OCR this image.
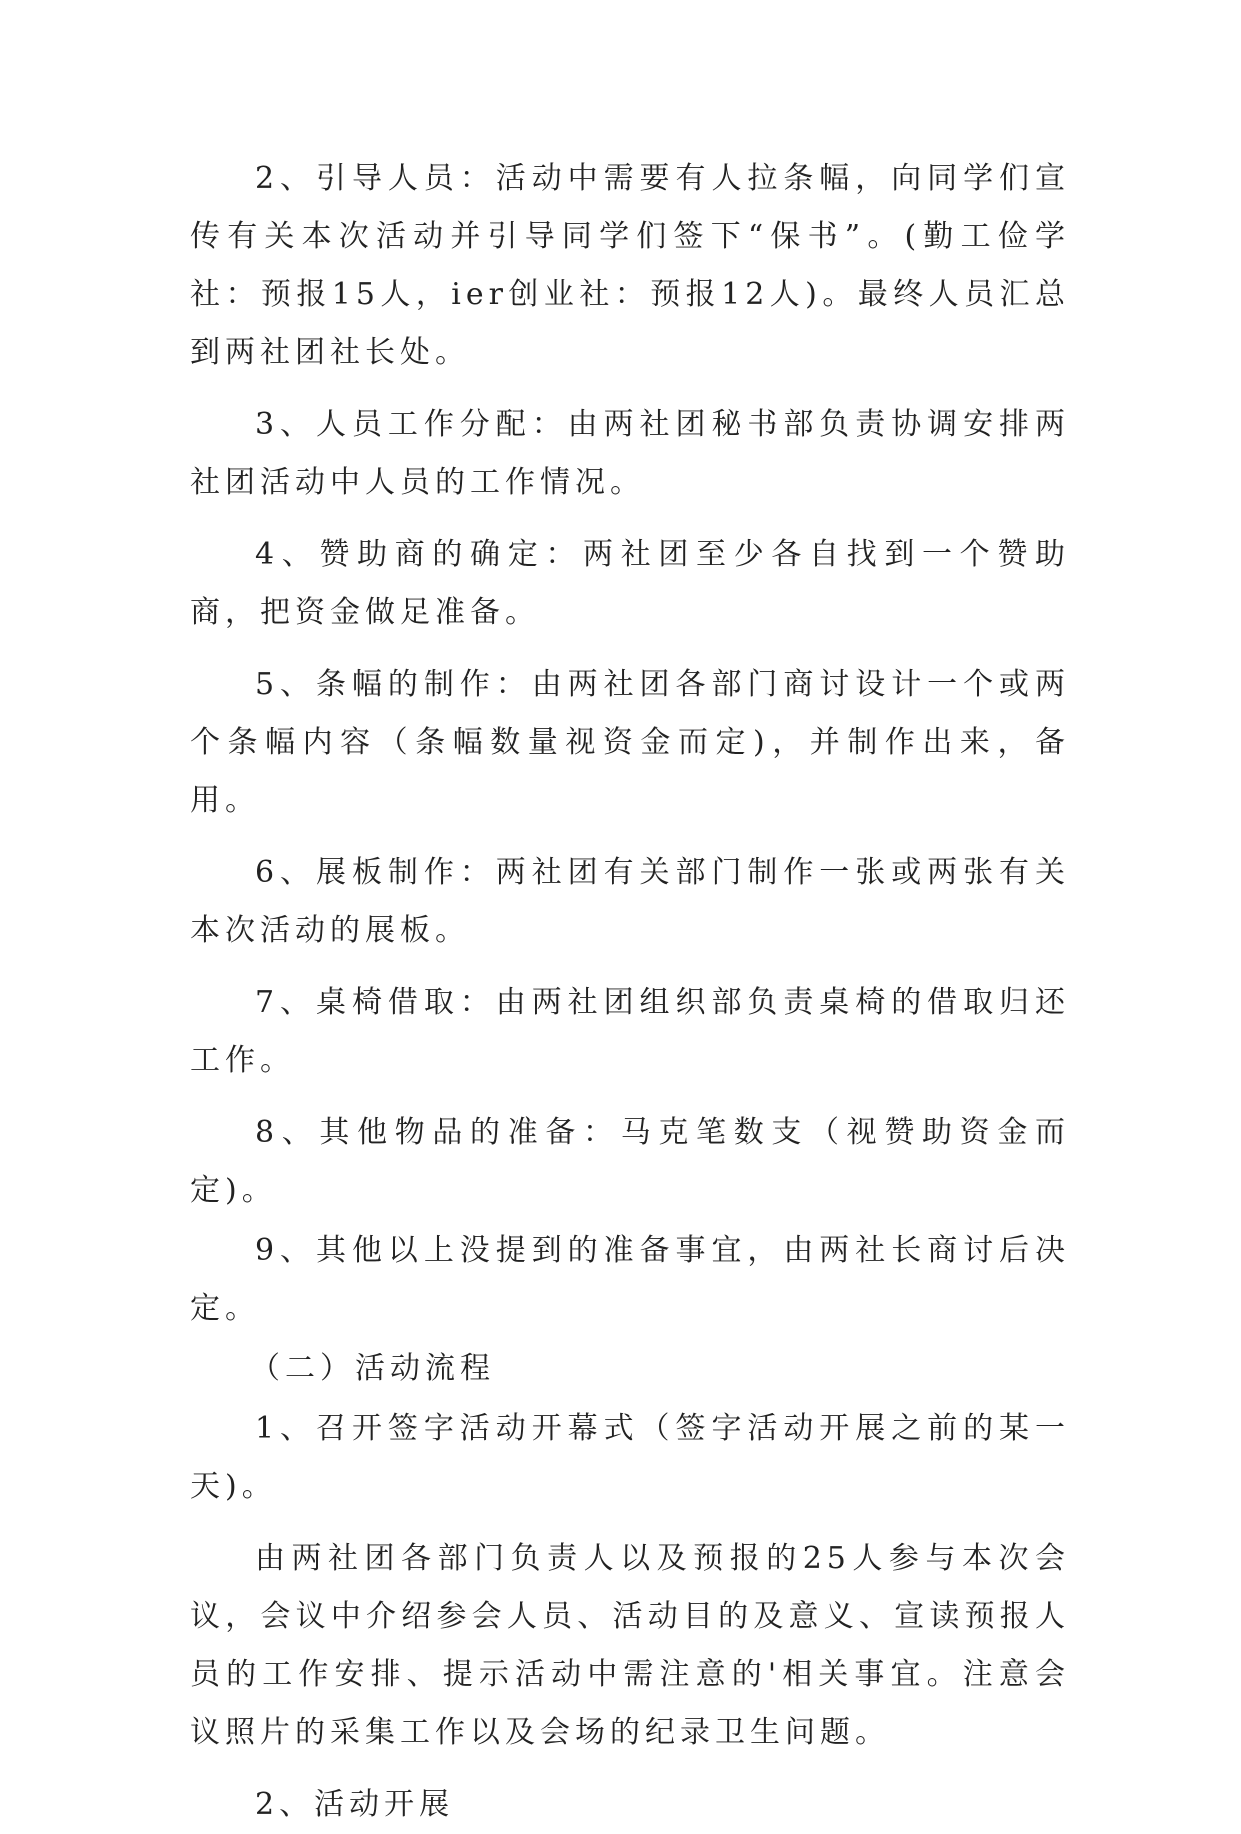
2、引导人员：活动中需要有人拉条幅，向同学们宣传有关本次活动并引导同学们签下“保书”。(勤工俭学社：预报15人，ier创业社：预报12人)。最终人员汇总到两社团社长处。

3、人员工作分配：由两社团秘书部负责协调安排两社团活动中人员的工作情况。

4、赞助商的确定：两社团至少各自找到一个赞助商，把资金做足准备。

5、条幅的制作：由两社团各部门商讨设计一个或两个条幅内容（条幅数量视资金而定)，并制作出来，备用。

6、展板制作：两社团有关部门制作一张或两张有关本次活动的展板。

7、桌椅借取：由两社团组织部负责桌椅的借取归还工作。

8、其他物品的准备：马克笔数支（视赞助资金而定)。

9、其他以上没提到的准备事宜，由两社长商讨后决定。

（二）活动流程

1、召开签字活动开幕式（签字活动开展之前的某一天)。

由两社团各部门负责人以及预报的25人参与本次会议，会议中介绍参会人员、活动目的及意义、宣读预报人员的工作安排、提示活动中需注意的'相关事宜。注意会议照片的采集工作以及会场的纪录卫生问题。

2、活动开展
